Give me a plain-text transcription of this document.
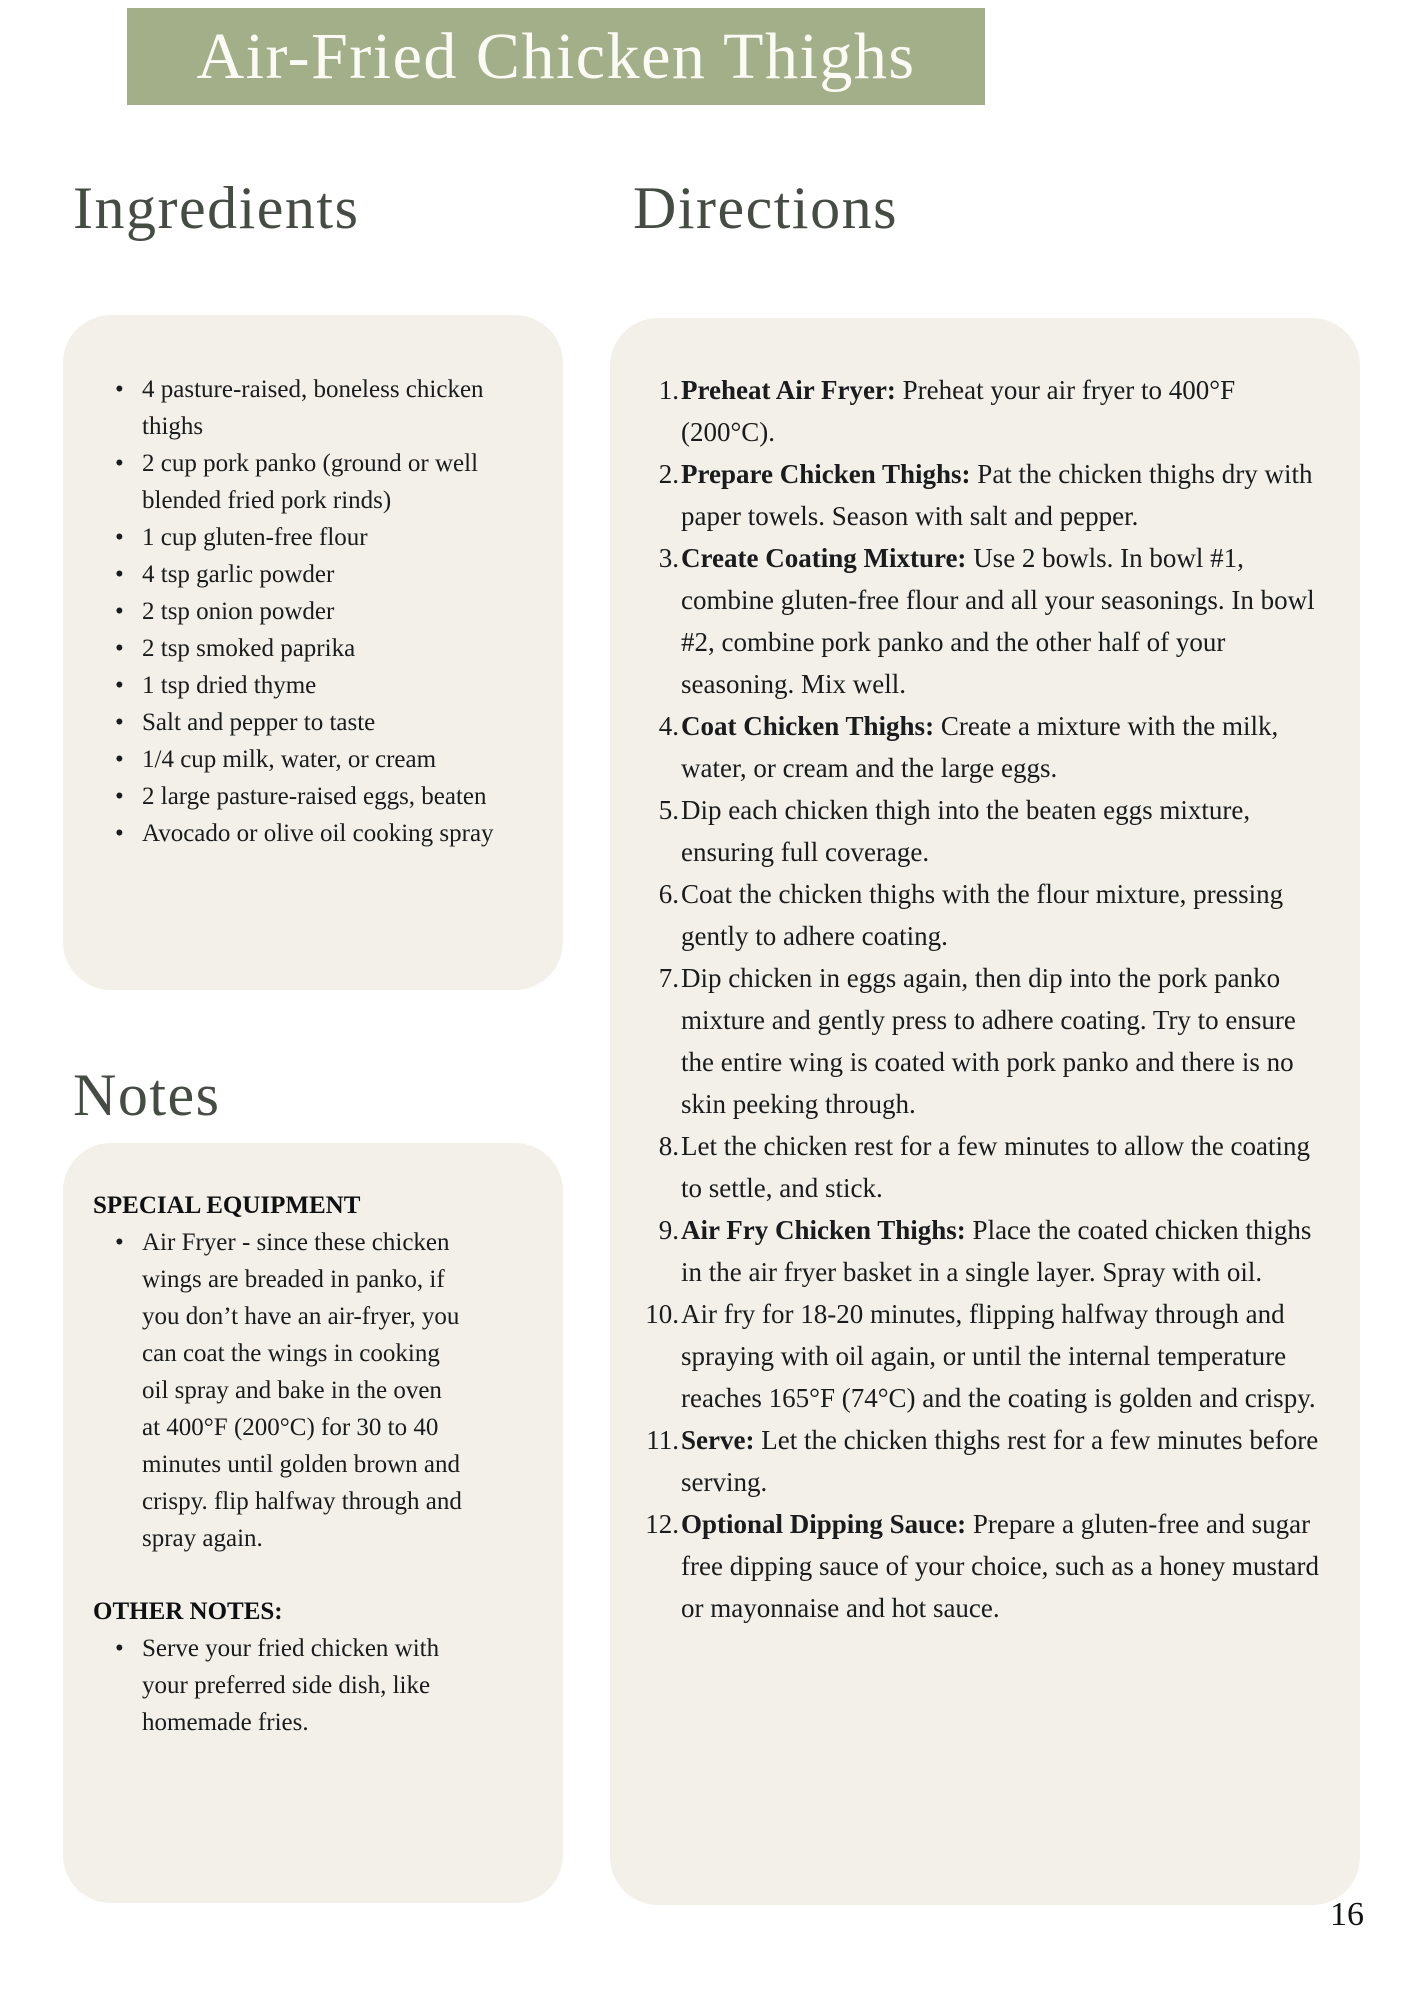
Air-Fried Chicken Thighs
Ingredients	Directions
Notes
• 4 pasture-raised, boneless chicken thighs
• 2 cup pork panko (ground or well blended fried pork rinds)
• 1 cup gluten-free flour
• 4 tsp garlic powder
• 2 tsp onion powder
• 2 tsp smoked paprika
• 1 tsp dried thyme
• Salt and pepper to taste
• 1/4 cup milk, water, or cream
• 2 large pasture-raised eggs, beaten
• Avocado or olive oil cooking spray
SPECIAL EQUIPMENT
• Air Fryer - since these chicken wings are breaded in panko, if you don’t have an air-fryer, you can coat the wings in cooking oil spray and bake in the oven at 400°F (200°C) for 30 to 40 minutes until golden brown and crispy. flip halfway through and spray again.
OTHER NOTES:
• Serve your fried chicken with your preferred side dish, like homemade fries.
1. Preheat Air Fryer: Preheat your air fryer to 400°F (200°C).
2. Prepare Chicken Thighs: Pat the chicken thighs dry with paper towels. Season with salt and pepper.
3. Create Coating Mixture: Use 2 bowls. In bowl #1, combine gluten-free flour and all your seasonings. In bowl #2, combine pork panko and the other half of your seasoning. Mix well.
4. Coat Chicken Thighs: Create a mixture with the milk, water, or cream and the large eggs.
5. Dip each chicken thigh into the beaten eggs mixture, ensuring full coverage.
6. Coat the chicken thighs with the flour mixture, pressing gently to adhere coating.
7. Dip chicken in eggs again, then dip into the pork panko mixture and gently press to adhere coating. Try to ensure the entire wing is coated with pork panko and there is no skin peeking through.
8. Let the chicken rest for a few minutes to allow the coating to settle, and stick.
9. Air Fry Chicken Thighs: Place the coated chicken thighs in the air fryer basket in a single layer. Spray with oil.
10. Air fry for 18-20 minutes, flipping halfway through and spraying with oil again, or until the internal temperature reaches 165°F (74°C) and the coating is golden and crispy.
11. Serve: Let the chicken thighs rest for a few minutes before serving.
12. Optional Dipping Sauce: Prepare a gluten-free and sugar free dipping sauce of your choice, such as a honey mustard or mayonnaise and hot sauce.
16
